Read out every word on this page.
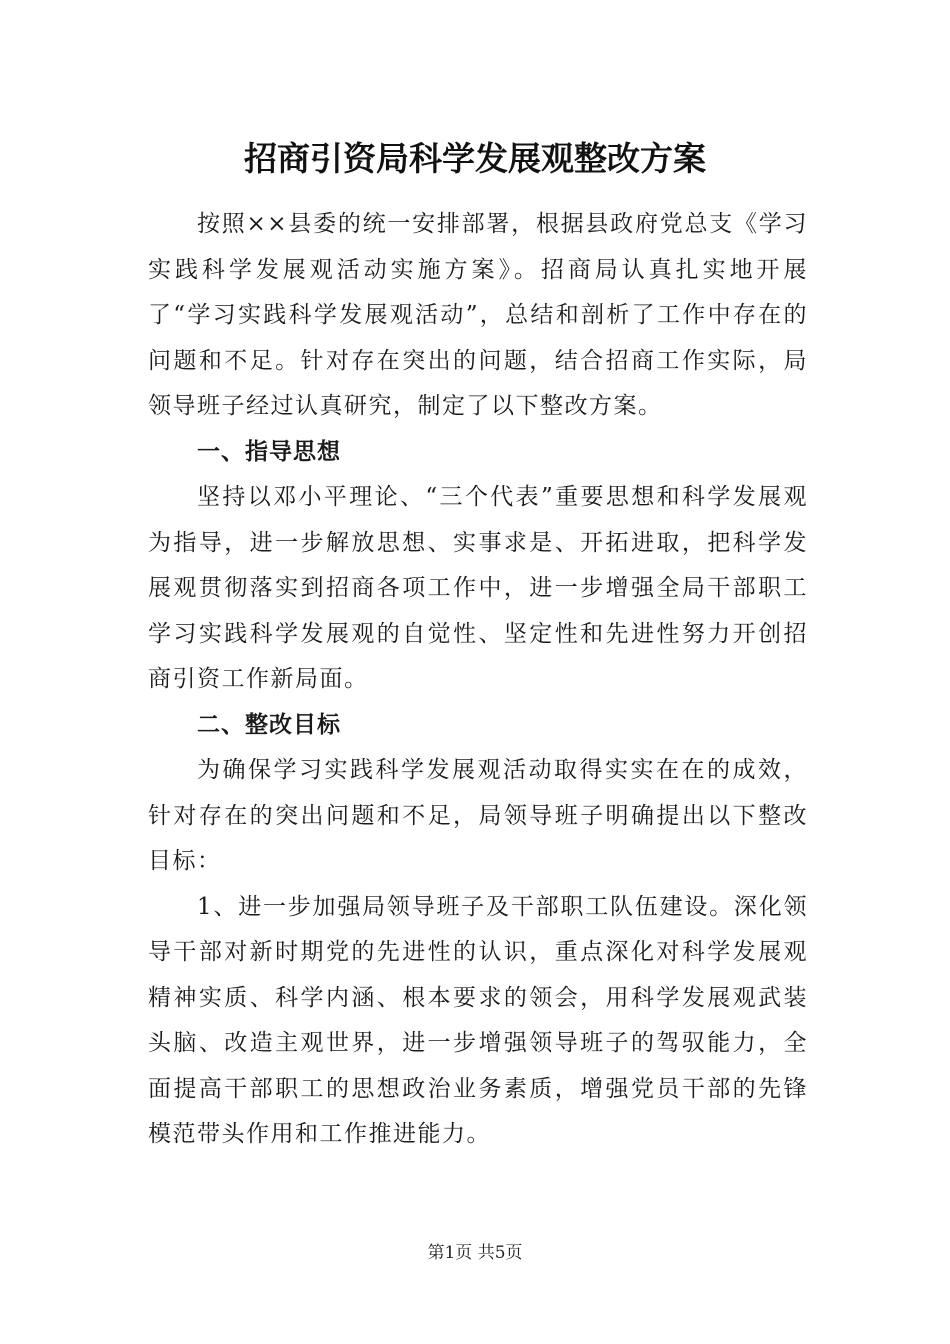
招商引资局科学发展观整改方案

按照××县委的统一安排部署，根据县政府党总支《学习实践科学发展观活动实施方案》。招商局认真扎实地开展了“学习实践科学发展观活动”，总结和剖析了工作中存在的问题和不足。针对存在突出的问题，结合招商工作实际，局领导班子经过认真研究，制定了以下整改方案。

一、指导思想

坚持以邓小平理论、“三个代表”重要思想和科学发展观为指导，进一步解放思想、实事求是、开拓进取，把科学发展观贯彻落实到招商各项工作中，进一步增强全局干部职工学习实践科学发展观的自觉性、坚定性和先进性努力开创招商引资工作新局面。

二、整改目标

为确保学习实践科学发展观活动取得实实在在的成效，针对存在的突出问题和不足，局领导班子明确提出以下整改目标：

1、进一步加强局领导班子及干部职工队伍建设。深化领导干部对新时期党的先进性的认识，重点深化对科学发展观精神实质、科学内涵、根本要求的领会，用科学发展观武装头脑、改造主观世界，进一步增强领导班子的驾驭能力，全面提高干部职工的思想政治业务素质，增强党员干部的先锋模范带头作用和工作推进能力。

第1页 共5页
